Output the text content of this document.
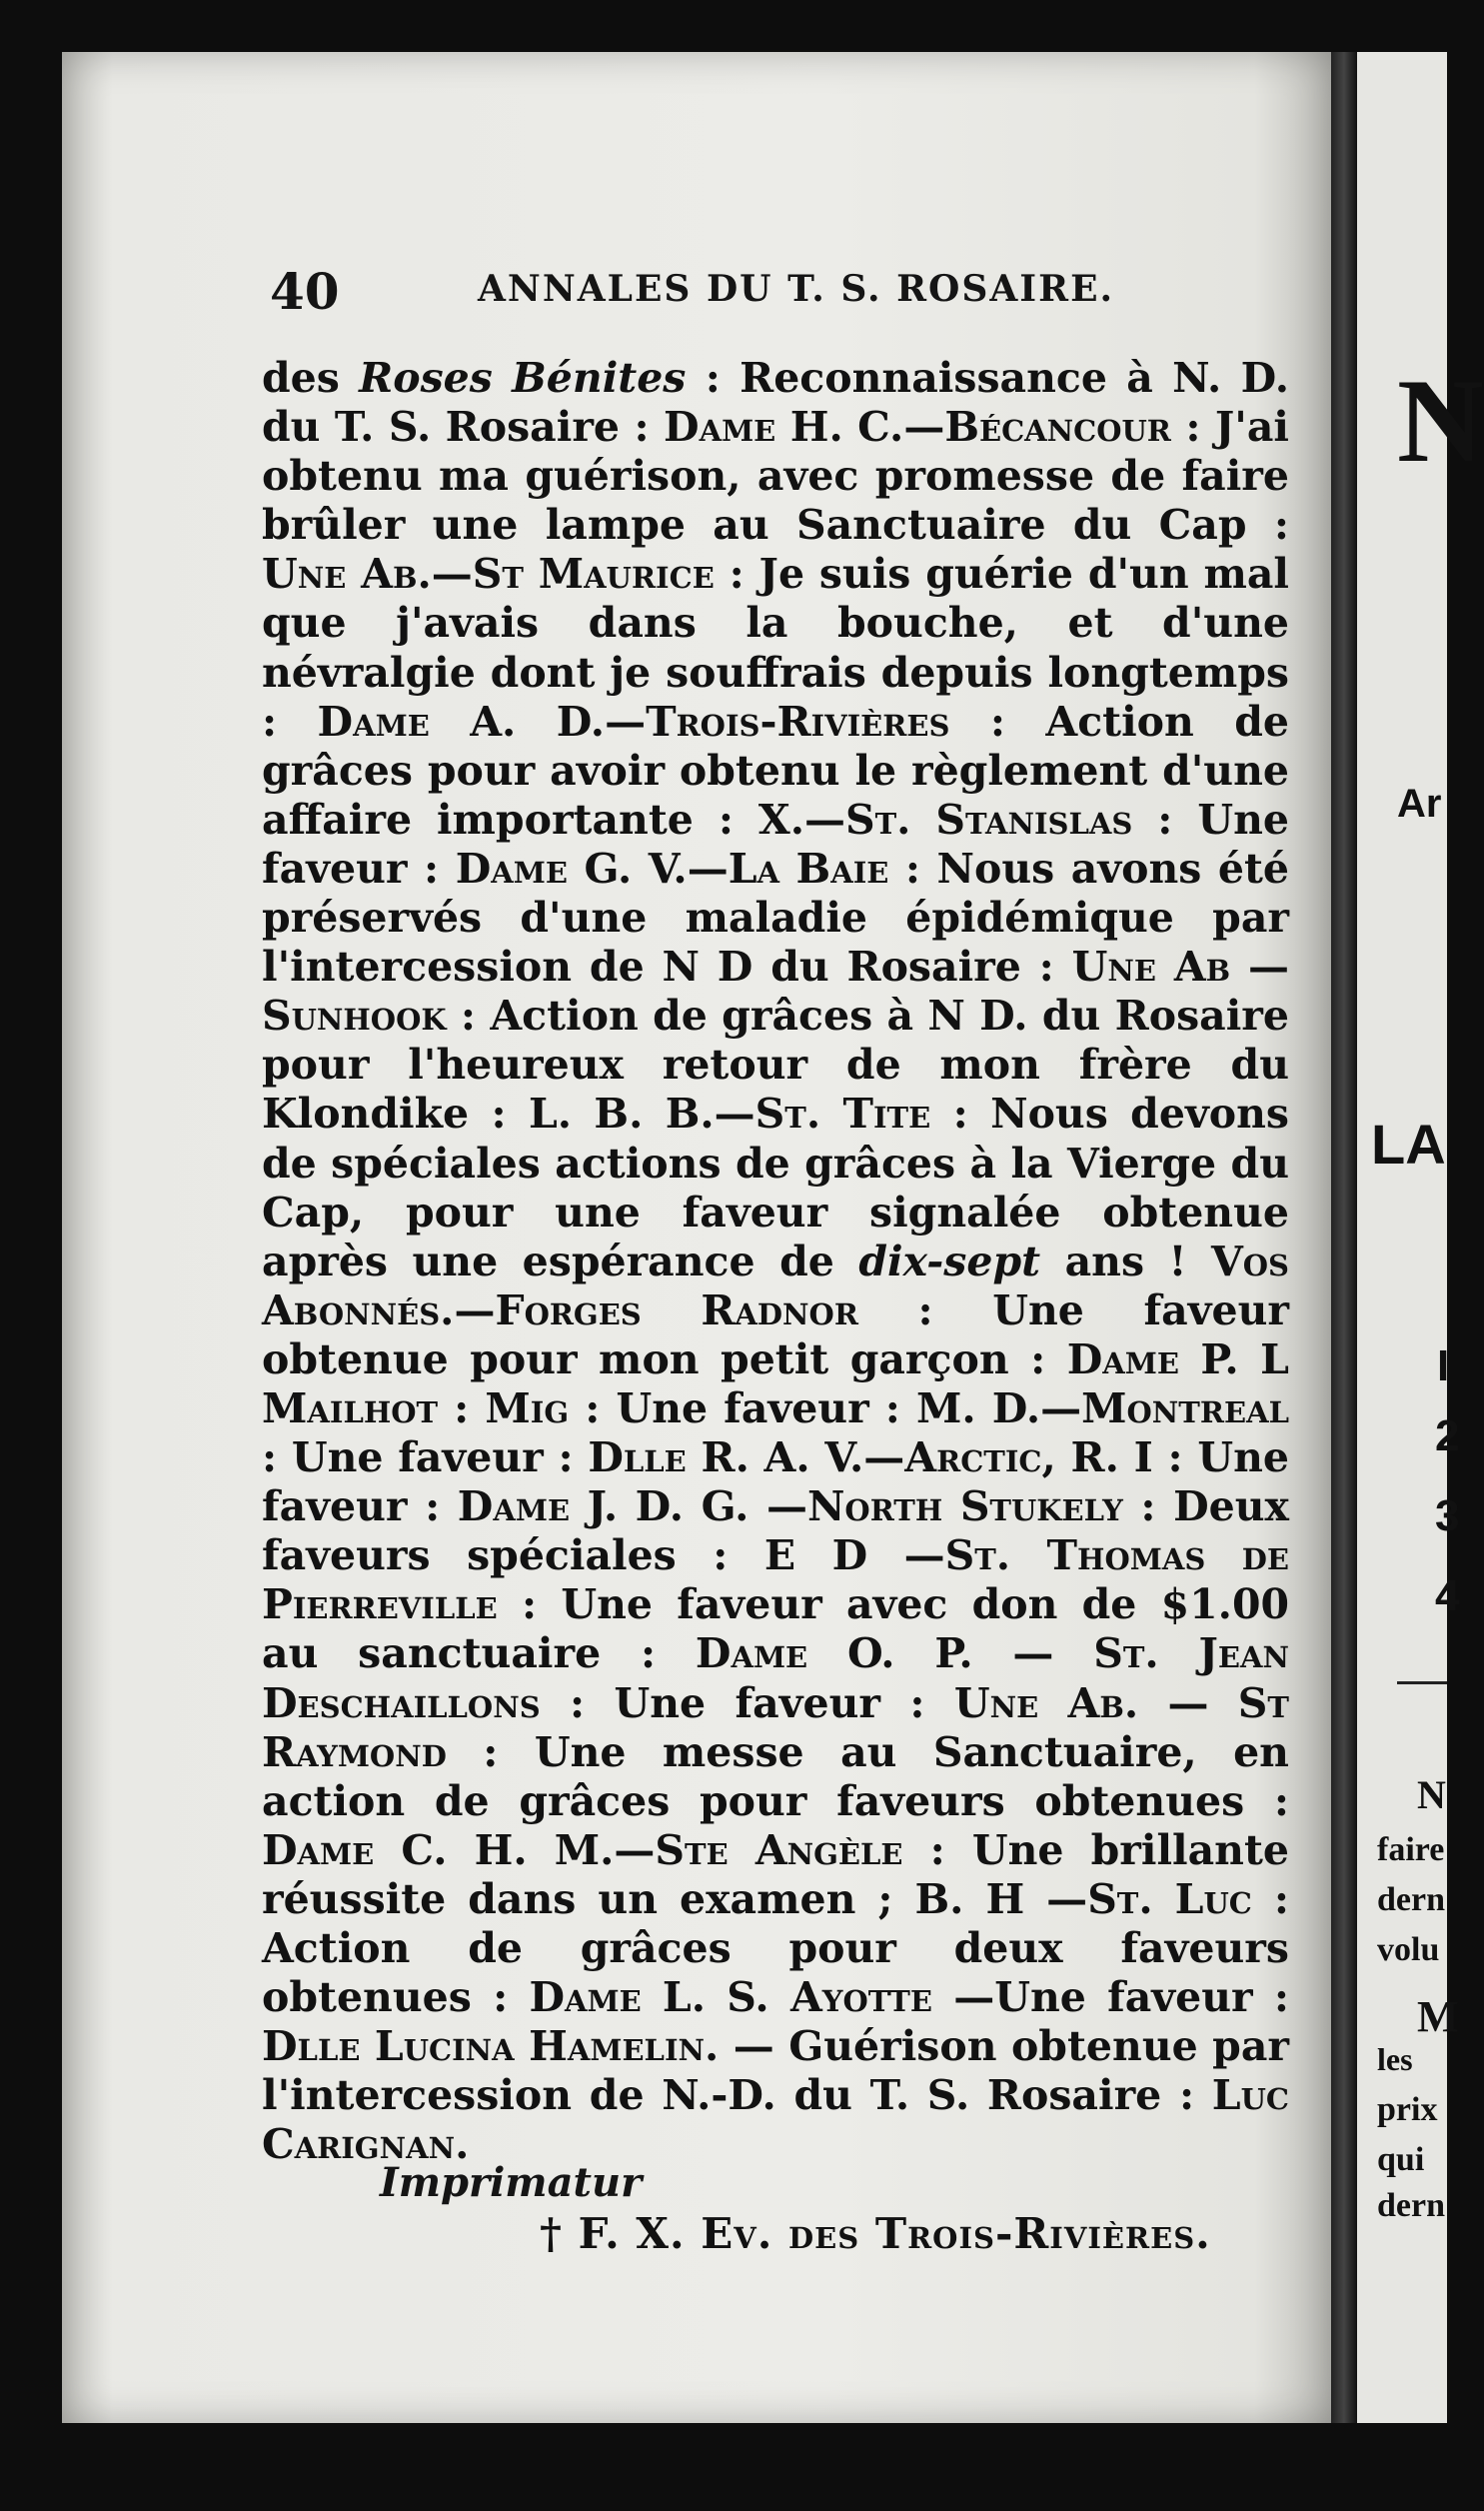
N
Ar
LA
I
2
3
4
N
faire
dern
volu
M
les
prix
qui
dern
40	ANNALES DU T. S. ROSAIRE.
des Roses Bénites : Reconnaissance à N. D. du T. S. Rosaire : Dame H. C.—Bécancour : J'ai obtenu ma guérison, avec promesse de faire brûler une lampe au Sanctuaire du Cap : Une Ab.—St Maurice : Je suis guérie d'un mal que j'avais dans la bouche, et d'une névralgie dont je souffrais depuis longtemps : Dame A. D.—Trois-Rivières : Action de grâces pour avoir obtenu le règlement d'une affaire importante : X.—St. Stanislas : Une faveur : Dame G. V.—La Baie : Nous avons été préservés d'une maladie épidémique par l'intercession de N D du Rosaire : Une Ab —Sunhook : Action de grâces à N D. du Rosaire pour l'heureux retour de mon frère du Klondike : L. B. B.—St. Tite : Nous devons de spéciales actions de grâces à la Vierge du Cap, pour une faveur signalée obtenue après une espérance de dix-sept ans ! Vos Abonnés.—Forges Radnor : Une faveur obtenue pour mon petit garçon : Dame P. L Mailhot : Mig : Une faveur : M. D.—Montreal : Une faveur : Dlle R. A. V.—Arctic, R. I : Une faveur : Dame J. D. G. —North Stukely : Deux faveurs spéciales : E D —St. Thomas de Pierreville : Une faveur avec don de $1.00 au sanctuaire : Dame O. P. — St. Jean Deschaillons : Une faveur : Une Ab. — St Raymond : Une messe au Sanctuaire, en action de grâces pour faveurs obtenues : Dame C. H. M.—Ste Angèle : Une brillante réussite dans un examen ; B. H —St. Luc : Action de grâces pour deux faveurs obtenues : Dame L. S. Ayotte —Une faveur : Dlle Lucina Hamelin. — Guérison obtenue par l'intercession de N.-D. du T. S. Rosaire : Luc Carignan.
Imprimatur
† F. X. Ev. des Trois-Rivières.
